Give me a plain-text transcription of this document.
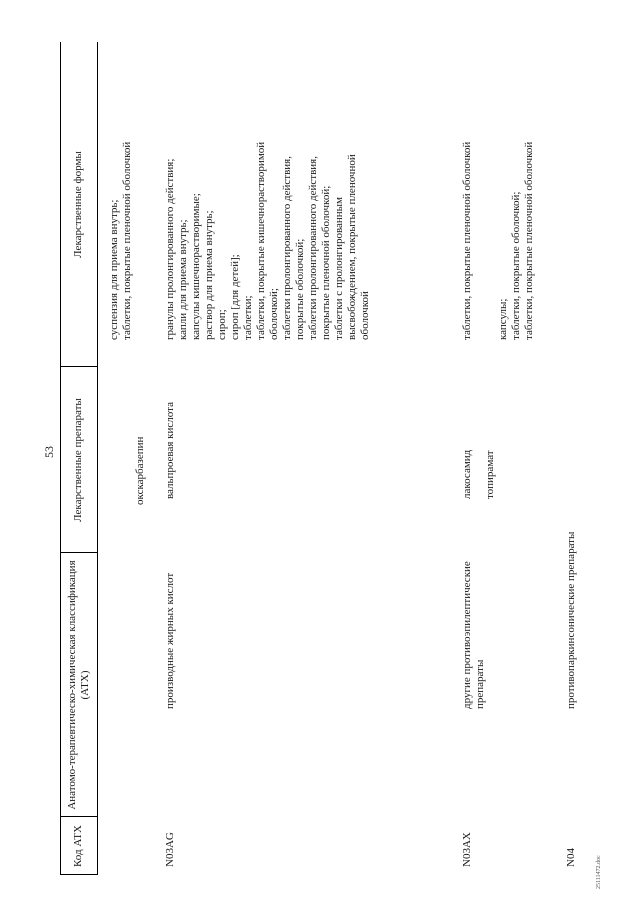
53
25111472.doc
Код АТХ
Анатомо-терапевтическо-химическая классификация (АТХ)
Лекарственные препараты
Лекарственные формы
окскарбазепин
суспензия для приема внутрь; таблетки, покрытые пленочной оболочкой
N03AG
производные жирных кислот
вальпроевая кислота
гранулы пролонгированного действия; капли для приема внутрь; капсулы кишечнорастворимые; раствор для приема внутрь; сироп; сироп [для детей]; таблетки; таблетки, покрытые кишечнорастворимой оболочкой; таблетки пролонгированного действия, покрытые оболочкой; таблетки пролонгированного действия, покрытые пленочной оболочкой; таблетки с пролонгированным высвобождением, покрытые пленочной оболочкой
N03AX
другие противоэпилептические препараты
лакосамид
таблетки, покрытые пленочной оболочкой
топирамат
капсулы; таблетки, покрытые оболочкой; таблетки, покрытые пленочной оболочкой
N04
противопаркинсонические препараты
